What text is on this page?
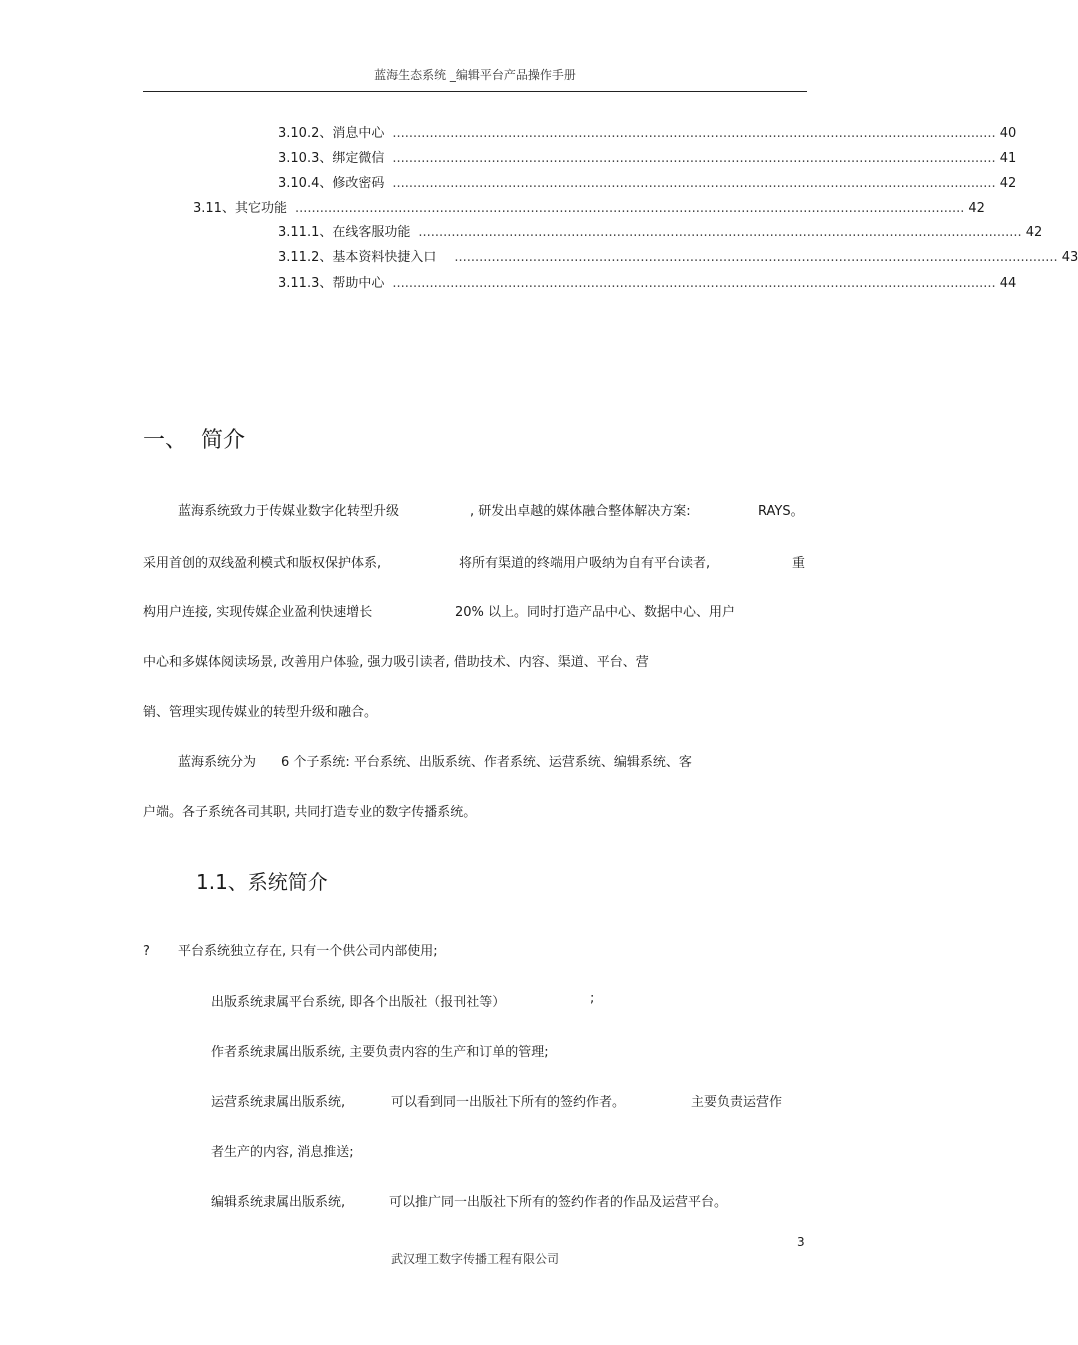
蓝海生态系统 _编辑平台产品操作手册
3.10.2、消息中心 .................................................................................................................................................. 40
3.10.3、绑定微信 .................................................................................................................................................. 41
3.10.4、修改密码 .................................................................................................................................................. 42
3.11、其它功能 .................................................................................................................................................................. 42
3.11.1、在线客服功能 .................................................................................................................................................. 42
3.11.2、基本资料快捷入口 .................................................................................................................................................. 43
3.11.3、帮助中心 .................................................................................................................................................. 44
一、 简介
蓝海系统致力于传媒业数字化转型升级	, 研发出卓越的媒体融合整体解决方案:	RAYS。
采用首创的双线盈利模式和版权保护体系,	将所有渠道的终端用户吸纳为自有平台读者,	重
构用户连接, 实现传媒企业盈利快速增长	20% 以上。同时打造产品中心、数据中心、用户
中心和多媒体阅读场景, 改善用户体验, 强力吸引读者, 借助技术、内容、渠道、平台、营
销、管理实现传媒业的转型升级和融合。
蓝海系统分为 6 个子系统: 平台系统、出版系统、作者系统、运营系统、编辑系统、客
户端。各子系统各司其职, 共同打造专业的数字传播系统。
1.1、系统简介
? 平台系统独立存在, 只有一个供公司内部使用;
出版系统隶属平台系统, 即各个出版社（报刊社等）	;
作者系统隶属出版系统, 主要负责内容的生产和订单的管理;
运营系统隶属出版系统,	可以看到同一出版社下所有的签约作者。	主要负责运营作
者生产的内容, 消息推送;
编辑系统隶属出版系统,	可以推广同一出版社下所有的签约作者的作品及运营平台。
3
武汉理工数字传播工程有限公司
